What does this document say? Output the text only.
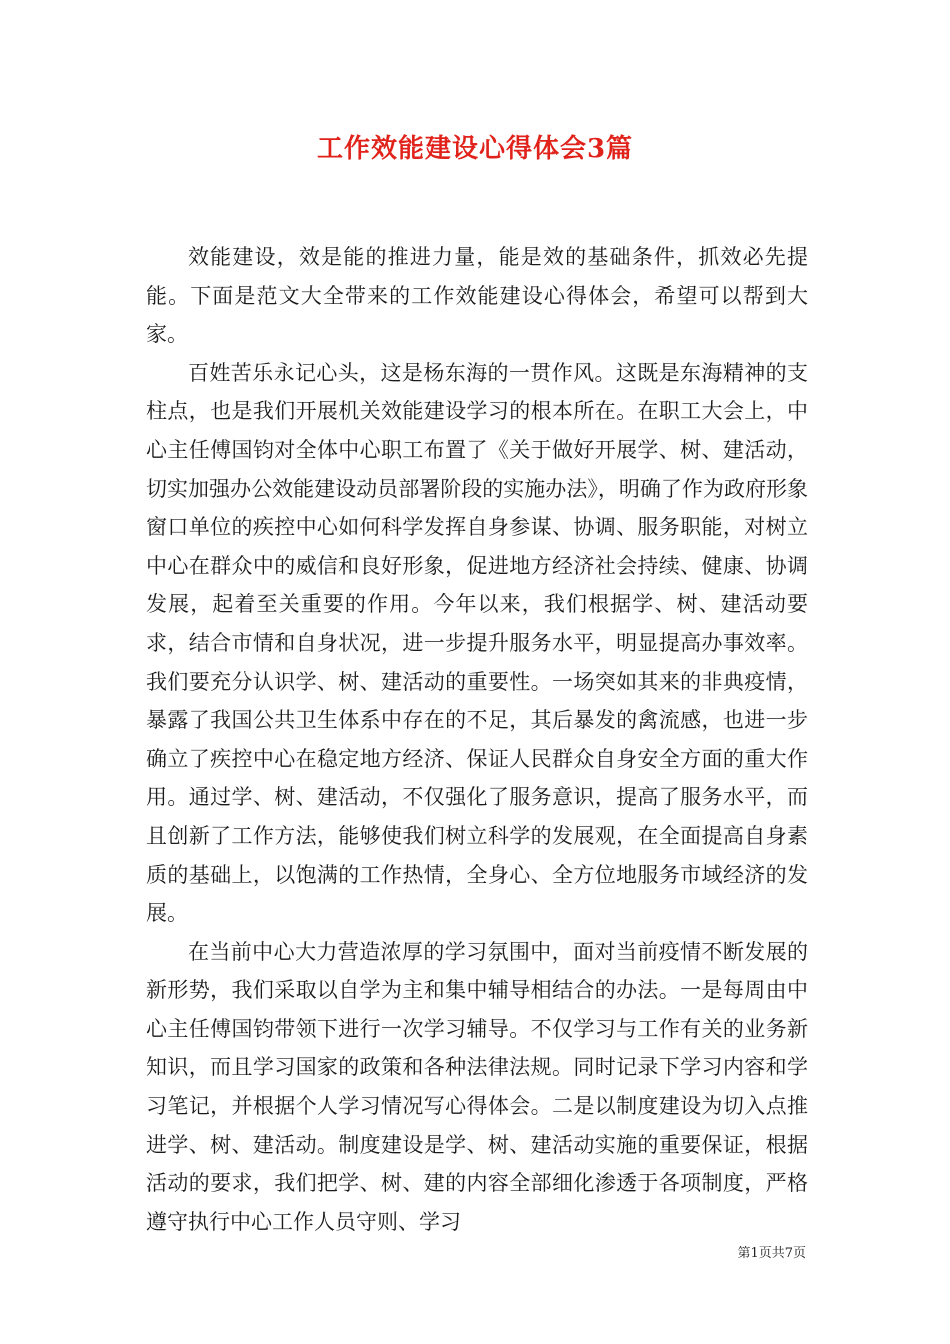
工作效能建设心得体会3篇

效能建设，效是能的推进力量，能是效的基础条件，抓效必先提能。下面是范文大全带来的工作效能建设心得体会，希望可以帮到大家。

百姓苦乐永记心头，这是杨东海的一贯作风。这既是东海精神的支柱点，也是我们开展机关效能建设学习的根本所在。在职工大会上，中心主任傅国钧对全体中心职工布置了《关于做好开展学、树、建活动，切实加强办公效能建设动员部署阶段的实施办法》，明确了作为政府形象窗口单位的疾控中心如何科学发挥自身参谋、协调、服务职能，对树立中心在群众中的威信和良好形象，促进地方经济社会持续、健康、协调发展，起着至关重要的作用。今年以来，我们根据学、树、建活动要求，结合市情和自身状况，进一步提升服务水平，明显提高办事效率。我们要充分认识学、树、建活动的重要性。一场突如其来的非典疫情，暴露了我国公共卫生体系中存在的不足，其后暴发的禽流感，也进一步确立了疾控中心在稳定地方经济、保证人民群众自身安全方面的重大作用。通过学、树、建活动，不仅强化了服务意识，提高了服务水平，而且创新了工作方法，能够使我们树立科学的发展观，在全面提高自身素质的基础上，以饱满的工作热情，全身心、全方位地服务市域经济的发展。

在当前中心大力营造浓厚的学习氛围中，面对当前疫情不断发展的新形势，我们采取以自学为主和集中辅导相结合的办法。一是每周由中心主任傅国钧带领下进行一次学习辅导。不仅学习与工作有关的业务新知识，而且学习国家的政策和各种法律法规。同时记录下学习内容和学习笔记，并根据个人学习情况写心得体会。二是以制度建设为切入点推进学、树、建活动。制度建设是学、树、建活动实施的重要保证，根据活动的要求，我们把学、树、建的内容全部细化渗透于各项制度，严格遵守执行中心工作人员守则、学习

第1页共7页
